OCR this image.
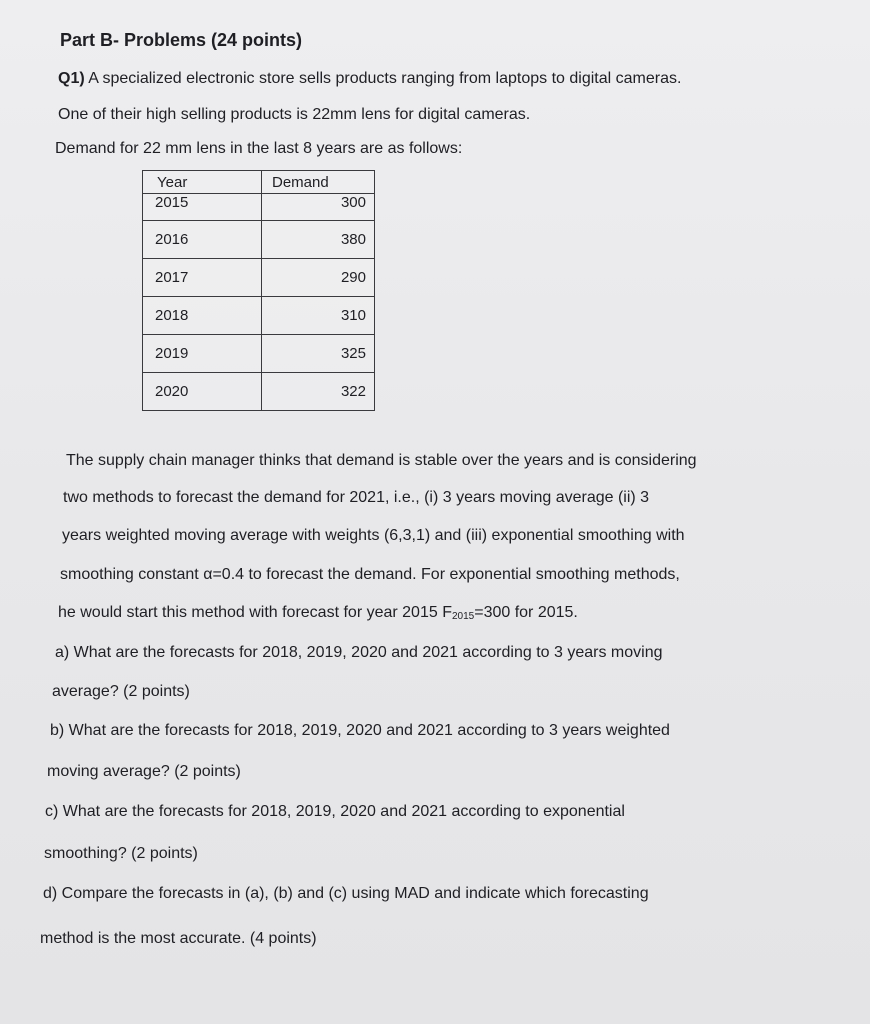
Part B- Problems (24 points)
Q1) A specialized electronic store sells products ranging from laptops to digital cameras.
One of their high selling products is 22mm lens for digital cameras.
Demand for 22 mm lens in the last 8 years are as follows:
Year	Demand
2015	300
2016	380
2017	290
2018	310
2019	325
2020	322
The supply chain manager thinks that demand is stable over the years and is considering
two methods to forecast the demand for 2021, i.e., (i) 3 years moving average (ii) 3
years weighted moving average with weights (6,3,1) and (iii) exponential smoothing with
smoothing constant α=0.4 to forecast the demand. For exponential smoothing methods,
he would start this method with forecast for year 2015 $F_{2015}=300$ for 2015.
a) What are the forecasts for 2018, 2019, 2020 and 2021 according to 3 years moving
average? (2 points)
b) What are the forecasts for 2018, 2019, 2020 and 2021 according to 3 years weighted
moving average? (2 points)
c) What are the forecasts for 2018, 2019, 2020 and 2021 according to exponential
smoothing? (2 points)
d) Compare the forecasts in (a), (b) and (c) using MAD and indicate which forecasting
method is the most accurate. (4 points)
